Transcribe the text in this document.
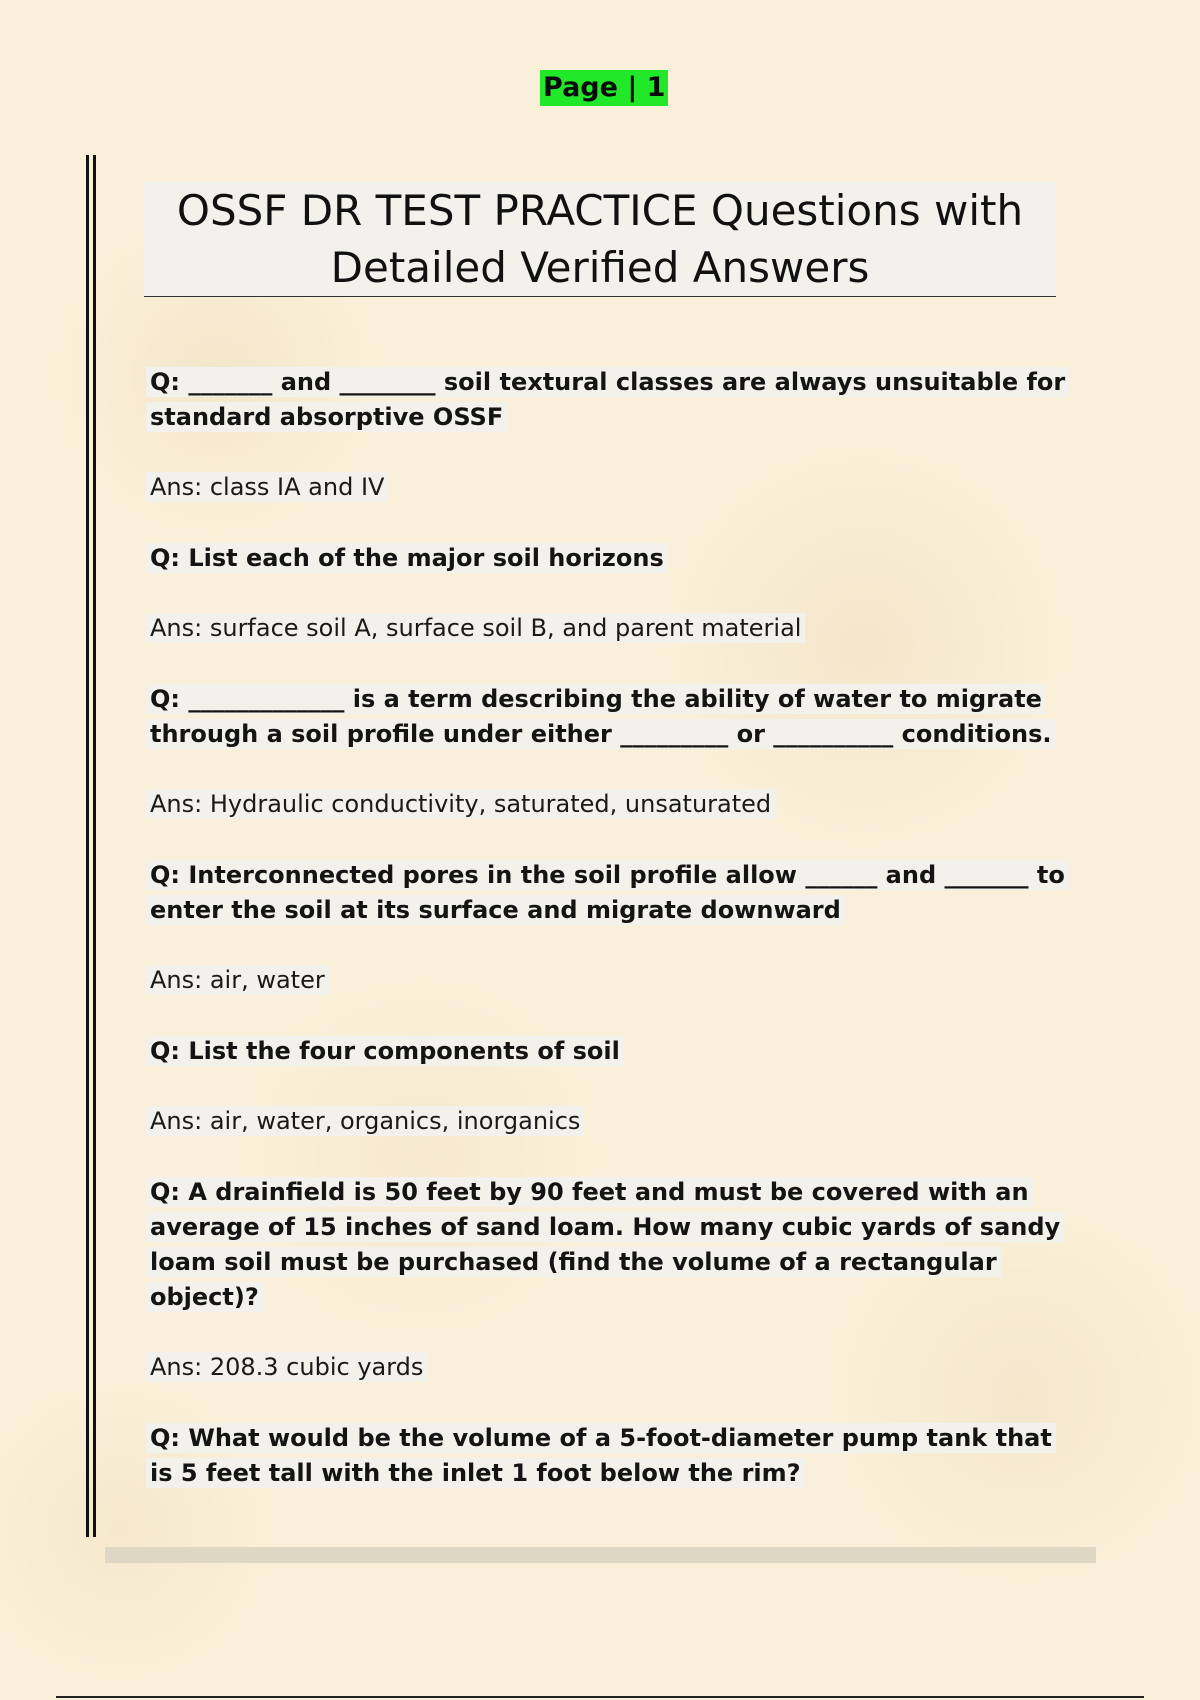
Page | 1
OSSF DR TEST PRACTICE Questions with Detailed Verified Answers

Q: _______ and ________ soil textural classes are always unsuitable for standard absorptive OSSF

Ans: class IA and IV

Q: List each of the major soil horizons

Ans: surface soil A, surface soil B, and parent material

Q: _____________ is a term describing the ability of water to migrate through a soil profile under either _________ or __________ conditions.

Ans: Hydraulic conductivity, saturated, unsaturated

Q: Interconnected pores in the soil profile allow ______ and _______ to enter the soil at its surface and migrate downward

Ans: air, water

Q: List the four components of soil

Ans: air, water, organics, inorganics

Q: A drainfield is 50 feet by 90 feet and must be covered with an average of 15 inches of sand loam. How many cubic yards of sandy loam soil must be purchased (find the volume of a rectangular object)?

Ans: 208.3 cubic yards

Q: What would be the volume of a 5-foot-diameter pump tank that is 5 feet tall with the inlet 1 foot below the rim?
